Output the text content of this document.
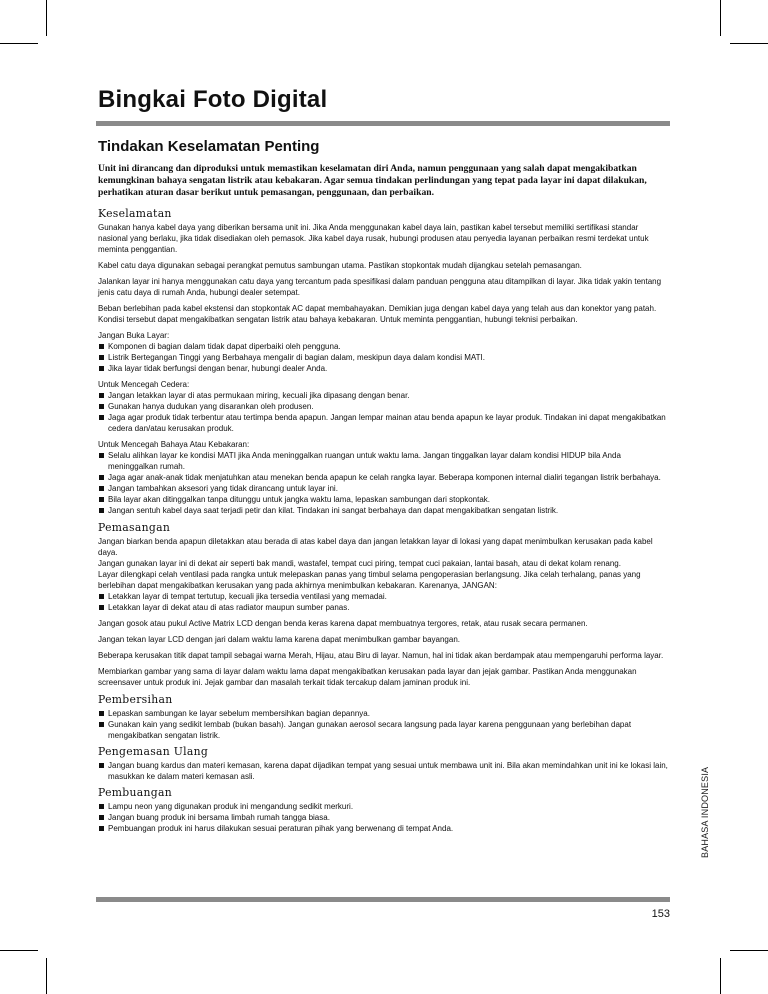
Bingkai Foto Digital
Tindakan Keselamatan Penting

Unit ini dirancang dan diproduksi untuk memastikan keselamatan diri Anda, namun penggunaan yang salah dapat mengakibatkan kemungkinan bahaya sengatan listrik atau kebakaran. Agar semua tindakan perlindungan yang tepat pada layar ini dapat dilakukan, perhatikan aturan dasar berikut untuk pemasangan, penggunaan, dan perbaikan.

Keselamatan

Gunakan hanya kabel daya yang diberikan bersama unit ini. Jika Anda menggunakan kabel daya lain, pastikan kabel tersebut memiliki sertifikasi standar nasional yang berlaku, jika tidak disediakan oleh pemasok. Jika kabel daya rusak, hubungi produsen atau penyedia layanan perbaikan resmi terdekat untuk meminta penggantian.

Kabel catu daya digunakan sebagai perangkat pemutus sambungan utama. Pastikan stopkontak mudah dijangkau setelah pemasangan.

Jalankan layar ini hanya menggunakan catu daya yang tercantum pada spesifikasi dalam panduan pengguna atau ditampilkan di layar. Jika tidak yakin tentang jenis catu daya di rumah Anda, hubungi dealer setempat.

Beban berlebihan pada kabel ekstensi dan stopkontak AC dapat membahayakan. Demikian juga dengan kabel daya yang telah aus dan konektor yang patah. Kondisi tersebut dapat mengakibatkan sengatan listrik atau bahaya kebakaran. Untuk meminta penggantian, hubungi teknisi perbaikan.

Jangan Buka Layar:

Komponen di bagian dalam tidak dapat diperbaiki oleh pengguna.
Listrik Bertegangan Tinggi yang Berbahaya mengalir di bagian dalam, meskipun daya dalam kondisi MATI.
Jika layar tidak berfungsi dengan benar, hubungi dealer Anda.

Untuk Mencegah Cedera:

Jangan letakkan layar di atas permukaan miring, kecuali jika dipasang dengan benar.
Gunakan hanya dudukan yang disarankan oleh produsen.
Jaga agar produk tidak terbentur atau tertimpa benda apapun. Jangan lempar mainan atau benda apapun ke layar produk. Tindakan ini dapat mengakibatkan cedera dan/atau kerusakan produk.

Untuk Mencegah Bahaya Atau Kebakaran:

Selalu alihkan layar ke kondisi MATI jika Anda meninggalkan ruangan untuk waktu lama. Jangan tinggalkan layar dalam kondisi HIDUP bila Anda meninggalkan rumah.
Jaga agar anak-anak tidak menjatuhkan atau menekan benda apapun ke celah rangka layar. Beberapa komponen internal dialiri tegangan listrik berbahaya.
Jangan tambahkan aksesori yang tidak dirancang untuk layar ini.
Bila layar akan ditinggalkan tanpa ditunggu untuk jangka waktu lama, lepaskan sambungan dari stopkontak.
Jangan sentuh kabel daya saat terjadi petir dan kilat. Tindakan ini sangat berbahaya dan dapat mengakibatkan sengatan listrik.
Pemasangan

Jangan biarkan benda apapun diletakkan atau berada di atas kabel daya dan jangan letakkan layar di lokasi yang dapat menimbulkan kerusakan pada kabel daya.

Jangan gunakan layar ini di dekat air seperti bak mandi, wastafel, tempat cuci piring, tempat cuci pakaian, lantai basah, atau di dekat kolam renang.

Layar dilengkapi celah ventilasi pada rangka untuk melepaskan panas yang timbul selama pengoperasian berlangsung. Jika celah terhalang, panas yang berlebihan dapat mengakibatkan kerusakan yang pada akhirnya menimbulkan kebakaran. Karenanya, JANGAN:

Letakkan layar di tempat tertutup, kecuali jika tersedia ventilasi yang memadai.
Letakkan layar di dekat atau di atas radiator maupun sumber panas.

Jangan gosok atau pukul Active Matrix LCD dengan benda keras karena dapat membuatnya tergores, retak, atau rusak secara permanen.

Jangan tekan layar LCD dengan jari dalam waktu lama karena dapat menimbulkan gambar bayangan.

Beberapa kerusakan titik dapat tampil sebagai warna Merah, Hijau, atau Biru di layar. Namun, hal ini tidak akan berdampak atau mempengaruhi performa layar.

Membiarkan gambar yang sama di layar dalam waktu lama dapat mengakibatkan kerusakan pada layar dan jejak gambar. Pastikan Anda menggunakan screensaver untuk produk ini. Jejak gambar dan masalah terkait tidak tercakup dalam jaminan produk ini.

Pembersihan
Lepaskan sambungan ke layar sebelum membersihkan bagian depannya.
Gunakan kain yang sedikit lembab (bukan basah). Jangan gunakan aerosol secara langsung pada layar karena penggunaan yang berlebihan dapat mengakibatkan sengatan listrik.
Pengemasan Ulang
Jangan buang kardus dan materi kemasan, karena dapat dijadikan tempat yang sesuai untuk membawa unit ini. Bila akan memindahkan unit ini ke lokasi lain, masukkan ke dalam materi kemasan asli.
Pembuangan
Lampu neon yang digunakan produk ini mengandung sedikit merkuri.
Jangan buang produk ini bersama limbah rumah tangga biasa.
Pembuangan produk ini harus dilakukan sesuai peraturan pihak yang berwenang di tempat Anda.	BAHASA INDONESIA
153
